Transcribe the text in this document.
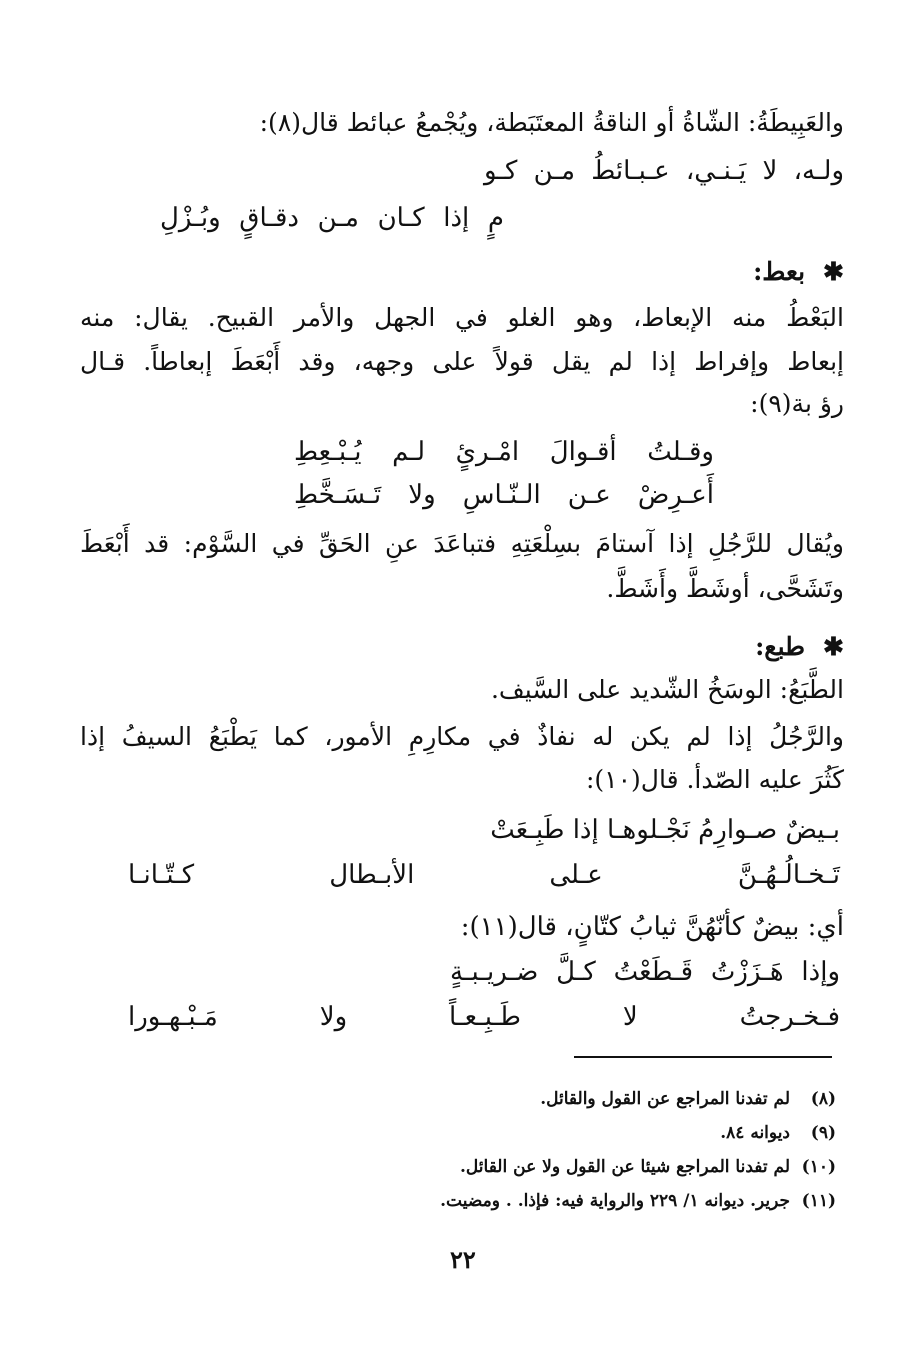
والعَبِيطَةُ: الشّاةُ أو الناقةُ المعتَبَطة، ويُجْمعُ عبائط قال(٨):
ولـه، لا يَـنـي، عـبـائطُ مـن كـو
مٍ إذا كـان مـن دقـاقٍ وبُـزْلِ
✱بعط:
البَعْطُ منه الإبعاط، وهو الغلو في الجهل والأمر القبيح. يقال: منه
إبعاط وإفراط إذا لم يقل قولاً على وجهه، وقد أَبْعَطَ إبعاطاً. قـال
رؤ بة(٩):
وقـلتُ أقـوالَ امْـرئٍ لـم يُـبْـعِطِ
أَعـرِضْ عـن الـنّـاسِ ولا تَـسَـخَّطِ
ويُقال للرَّجُلِ إذا آستامَ بسِلْعَتِهِ فتباعَدَ عنِ الحَقِّ في السَّوْم: قد أَبْعَطَ
وتَشَحَّى، أوشَطَّ وأَشَطَّ.
✱طبع:
الطَّبَعُ: الوسَخُ الشّديد على السَّيف.
والرَّجُلُ إذا لم يكن له نفاذٌ في مكارِمِ الأمور، كما يَطْبَعُ السيفُ إذا
كَثُرَ عليه الصّدأ. قال(١٠):
بـيضٌ صـوارِمُ نَجْـلوهـا إذا طَبِـعَتْ
تَـخـالُـهُـنَّ عـلى الأبـطال كـتّـانـا
أي: بيضٌ كأنّهُنَّ ثيابُ كتّانٍ، قال(١١):
وإذا هَـزَزْتُ قَـطَعْتُ كـلَّ ضـريـبـةٍ
فـخـرجتُ لا طَـبِـعـاً ولا مَـبْـهـورا
(٨)لم تفدنا المراجع عن القول والقائل.
(٩)ديوانه ٨٤.
(١٠)لم تفدنا المراجع شيئا عن القول ولا عن القائل.
(١١)جرير. ديوانه ١/ ٢٢٩ والرواية فيه: فإذا. . ومضيت.
٢٢
